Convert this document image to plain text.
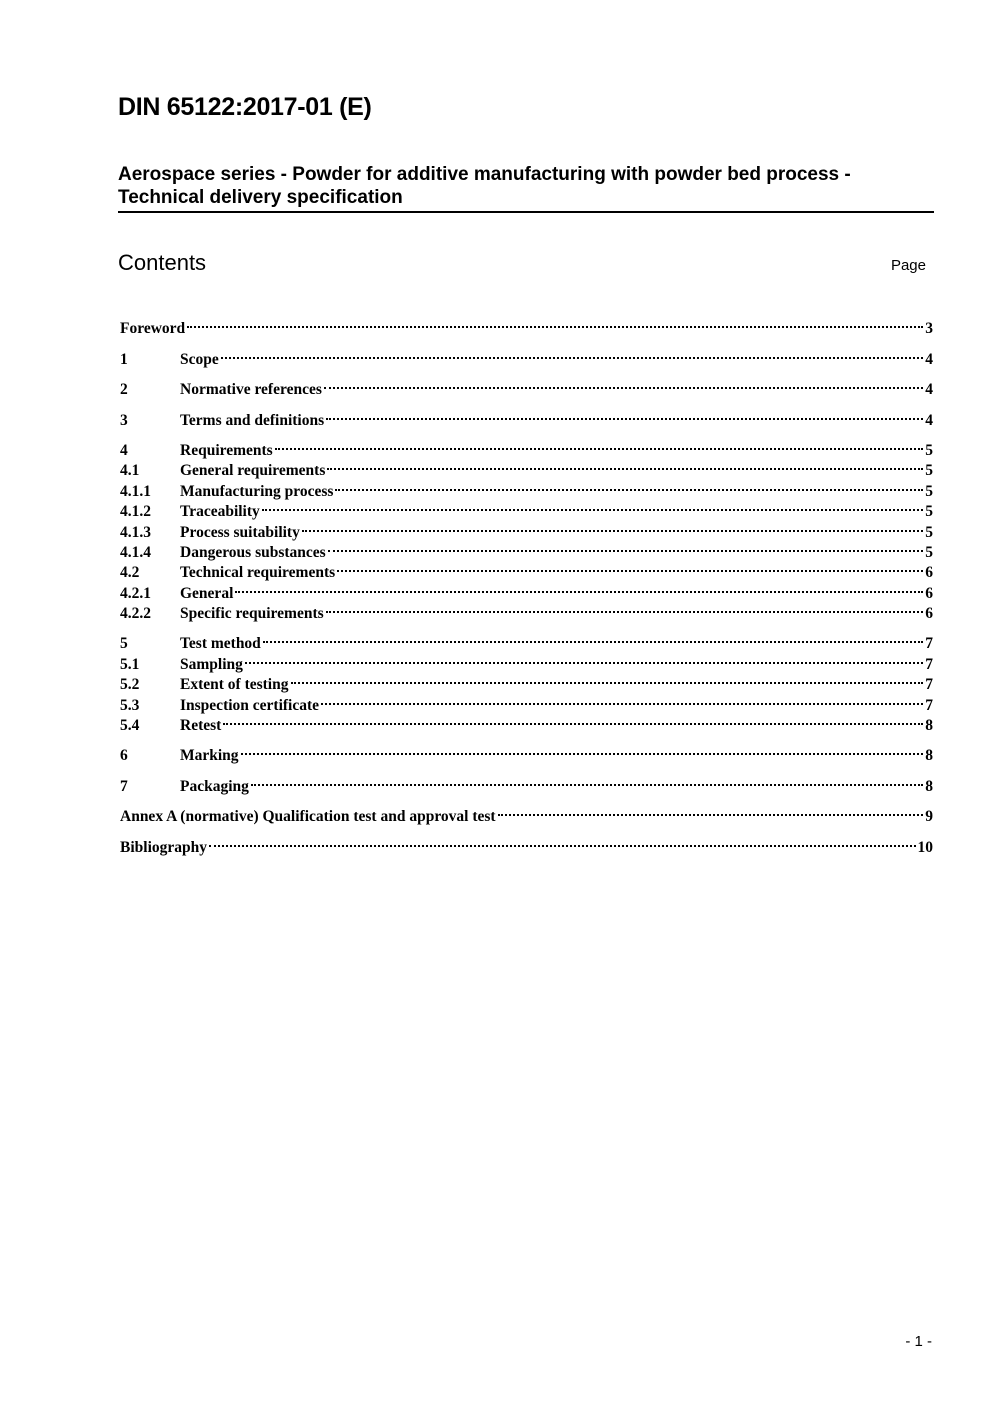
DIN 65122:2017-01 (E)
Aerospace series - Powder for additive manufacturing with powder bed process -
Technical delivery specification
Contents	Page
Foreword	3
1	Scope	4
2	Normative references	4
3	Terms and definitions	4
4	Requirements	5
4.1	General requirements	5
4.1.1	Manufacturing process	5
4.1.2	Traceability	5
4.1.3	Process suitability	5
4.1.4	Dangerous substances	5
4.2	Technical requirements	6
4.2.1	General	6
4.2.2	Specific requirements	6
5	Test method	7
5.1	Sampling	7
5.2	Extent of testing	7
5.3	Inspection certificate	7
5.4	Retest	8
6	Marking	8
7	Packaging	8
Annex A (normative) Qualification test and approval test	9
Bibliography	10
- 1 -
